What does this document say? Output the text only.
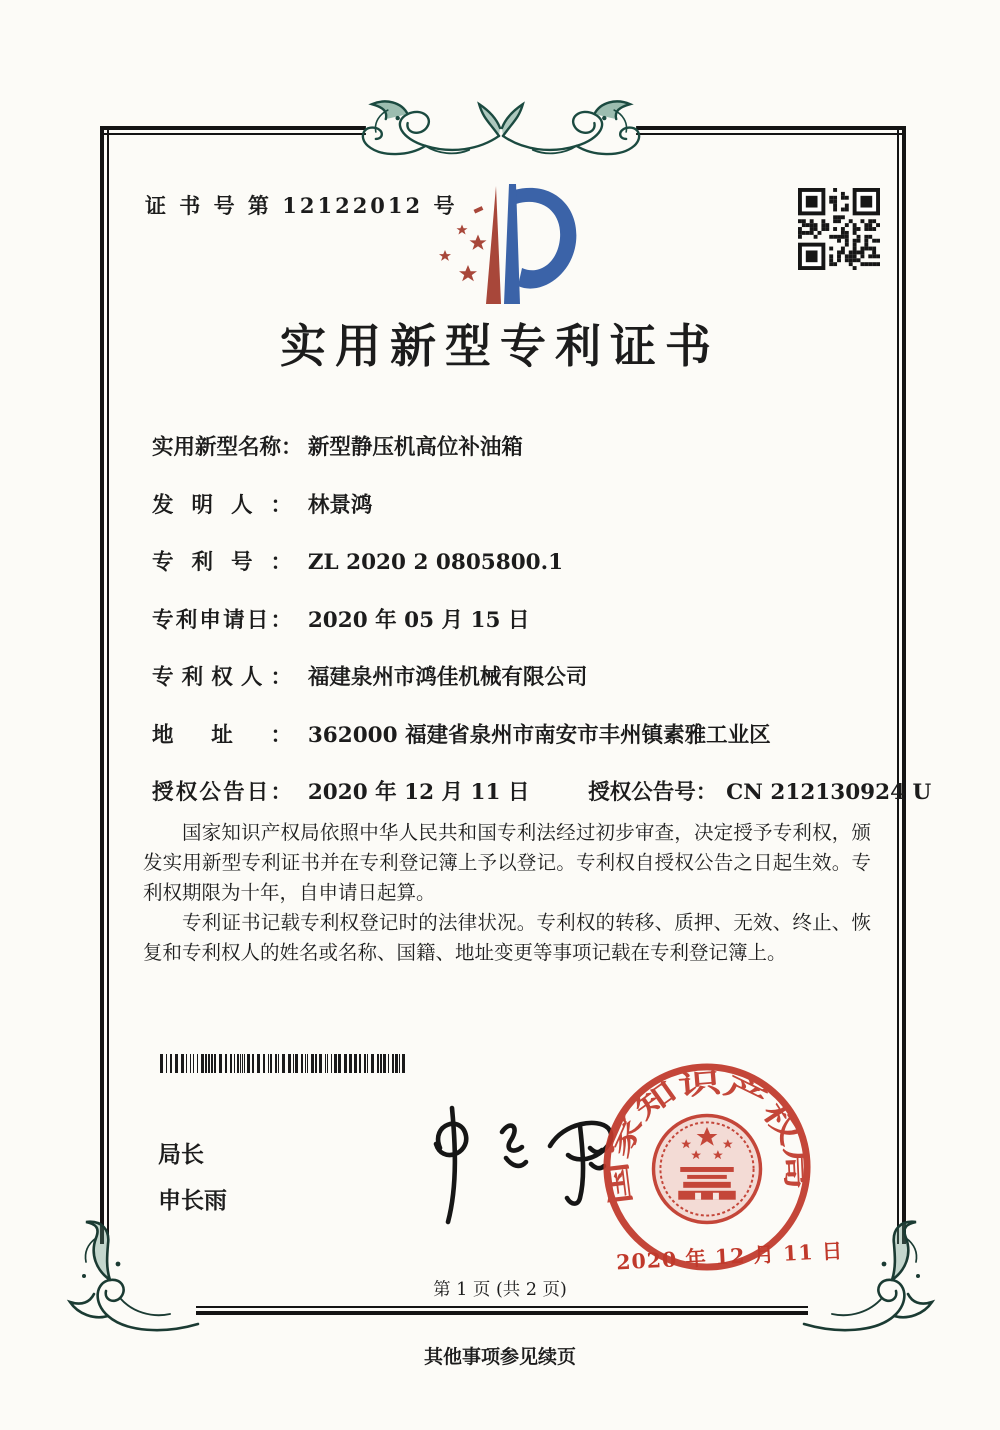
证 书 号 第 12122012 号
实用新型专利证书
实用新型名称： 新型静压机高位补油箱
发明人： 林景鸿
专利号： ZL 2020 2 0805800.1
专利申请日： 2020 年 05 月 15 日
专利权人： 福建泉州市鸿佳机械有限公司
地址： 362000 福建省泉州市南安市丰州镇素雅工业区
授权公告日： 2020 年 12 月 11 日	授权公告号： CN 212130924 U

国家知识产权局依照中华人民共和国专利法经过初步审查，决定授予专利权，颁发实用新型专利证书并在专利登记簿上予以登记。专利权自授权公告之日起生效。专利权期限为十年，自申请日起算。

专利证书记载专利权登记时的法律状况。专利权的转移、质押、无效、终止、恢复和专利权人的姓名或名称、国籍、地址变更等事项记载在专利登记簿上。

局长
申长雨	国家知识产权局
2020 年 12 月 11 日
第 1 页 (共 2 页)
其他事项参见续页
